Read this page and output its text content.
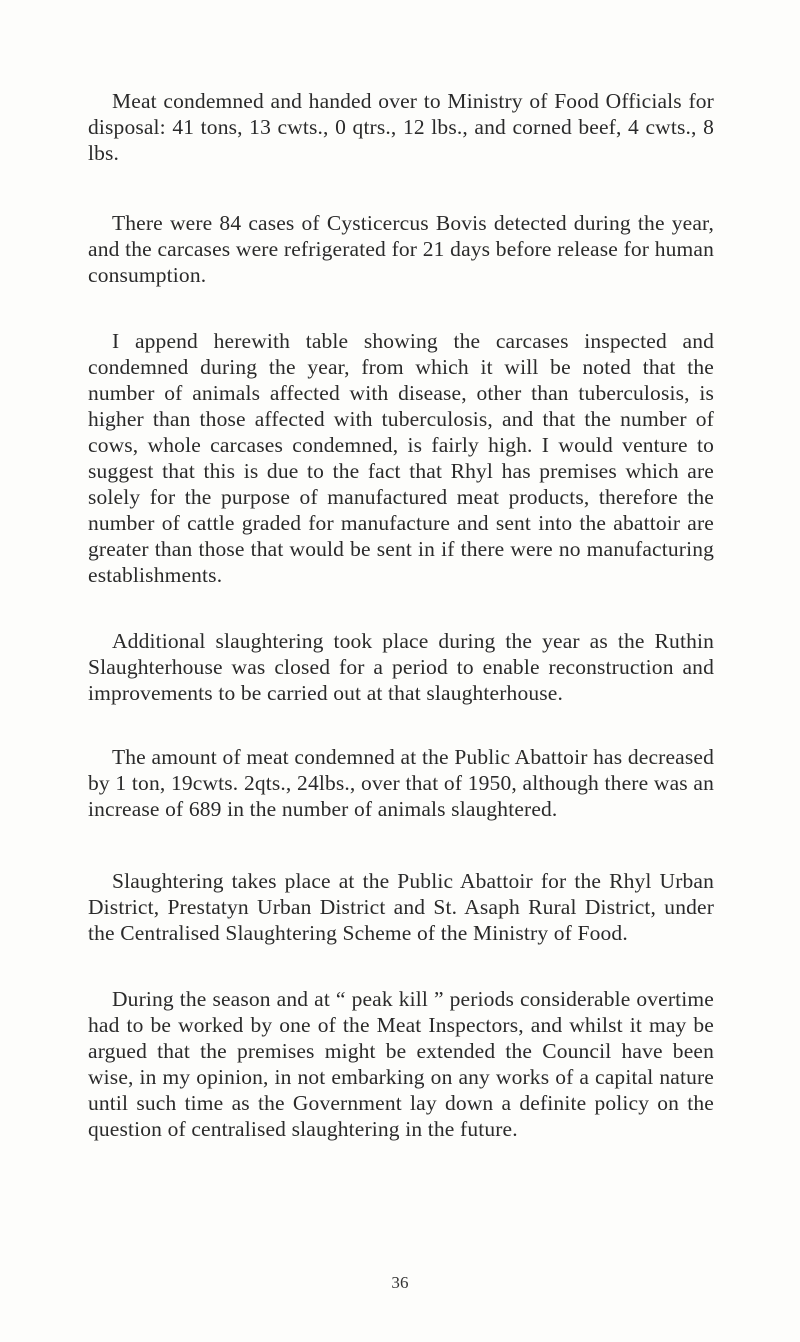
Meat condemned and handed over to Ministry of Food Officials for disposal: 41 tons, 13 cwts., 0 qtrs., 12 lbs., and corned beef, 4 cwts., 8 lbs.

There were 84 cases of Cysticercus Bovis detected during the year, and the carcases were refrigerated for 21 days before release for human consumption.

I append herewith table showing the carcases inspected and condemned during the year, from which it will be noted that the number of animals affected with disease, other than tuberculosis, is higher than those affected with tuberculosis, and that the number of cows, whole carcases condemned, is fairly high. I would venture to suggest that this is due to the fact that Rhyl has premises which are solely for the purpose of manufactured meat products, therefore the number of cattle graded for manufacture and sent into the abattoir are greater than those that would be sent in if there were no manufacturing establishments.

Additional slaughtering took place during the year as the Ruthin Slaughterhouse was closed for a period to enable reconstruction and improvements to be carried out at that slaughterhouse.

The amount of meat condemned at the Public Abattoir has decreased by 1 ton, 19cwts. 2qts., 24lbs., over that of 1950, although there was an increase of 689 in the number of animals slaughtered.

Slaughtering takes place at the Public Abattoir for the Rhyl Urban District, Prestatyn Urban District and St. Asaph Rural District, under the Centralised Slaughtering Scheme of the Ministry of Food.

During the season and at “ peak kill ” periods considerable overtime had to be worked by one of the Meat Inspectors, and whilst it may be argued that the premises might be extended the Council have been wise, in my opinion, in not embarking on any works of a capital nature until such time as the Government lay down a definite policy on the question of centralised slaughtering in the future.

36
